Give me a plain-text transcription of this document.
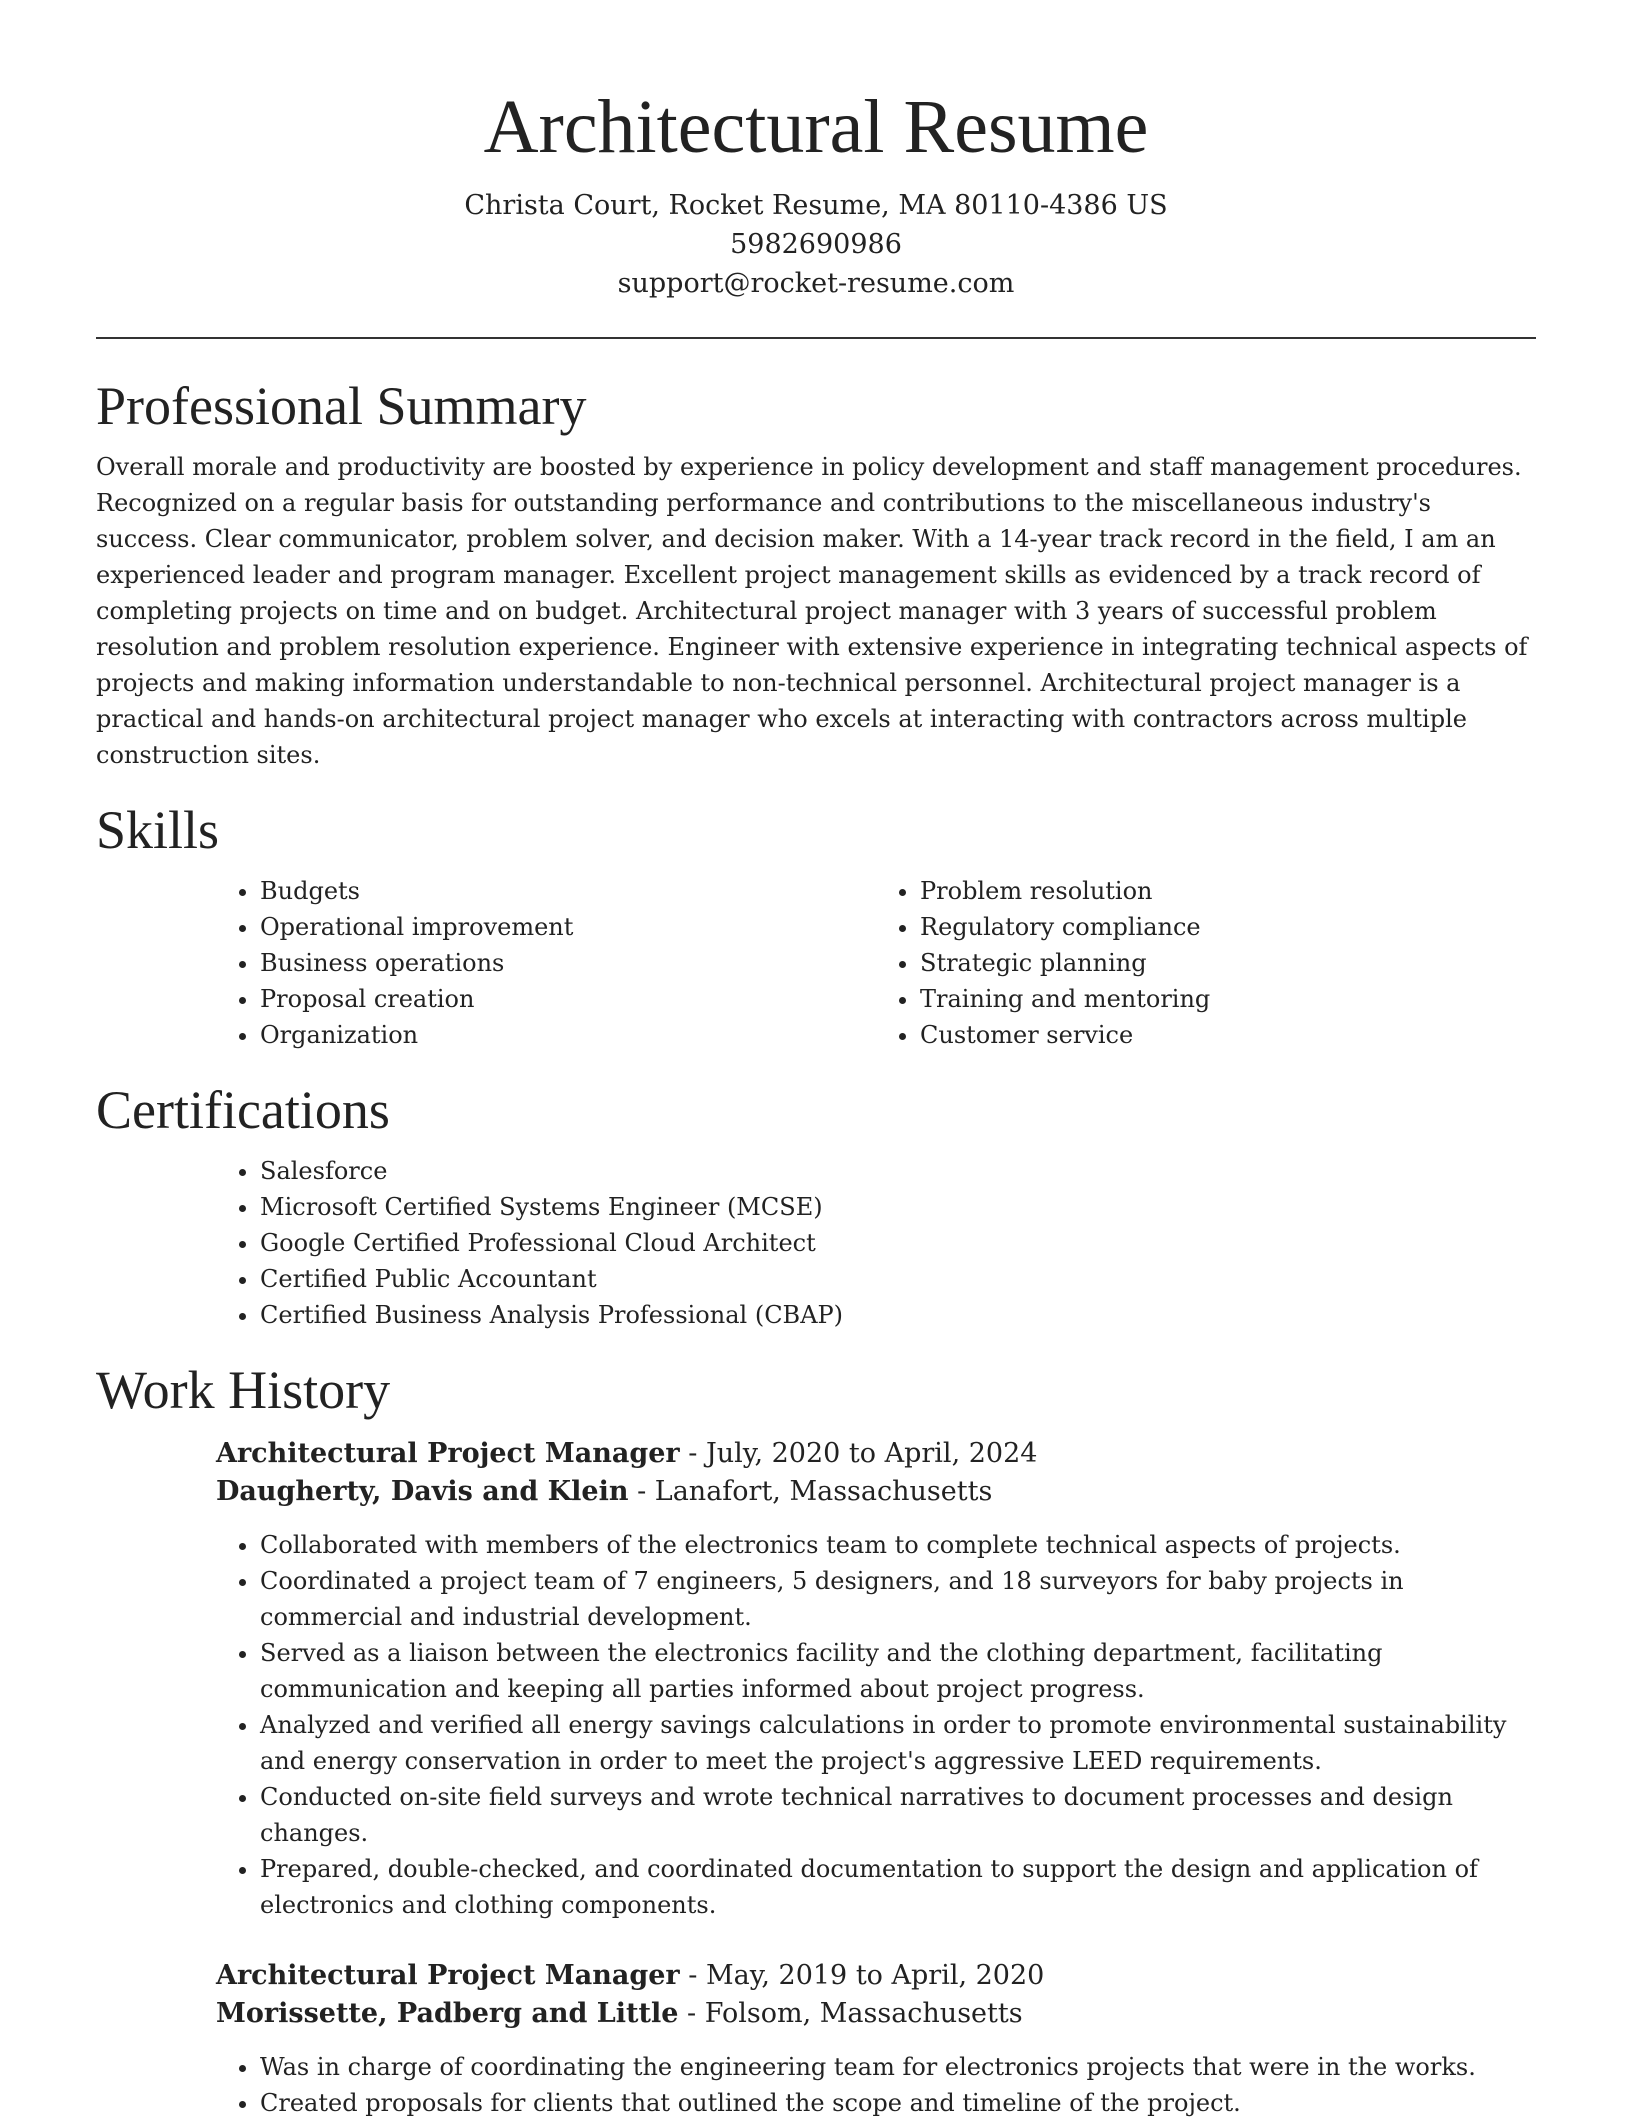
Architectural Resume
Christa Court, Rocket Resume, MA 80110-4386 US
5982690986
support@rocket-resume.com
Professional Summary

Overall morale and productivity are boosted by experience in policy development and staff management procedures. Recognized on a regular basis for outstanding performance and contributions to the miscellaneous industry's success. Clear communicator, problem solver, and decision maker. With a 14-year track record in the field, I am an experienced leader and program manager. Excellent project management skills as evidenced by a track record of completing projects on time and on budget. Architectural project manager with 3 years of successful problem resolution and problem resolution experience. Engineer with extensive experience in integrating technical aspects of projects and making information understandable to non-technical personnel. Architectural project manager is a practical and hands-on architectural project manager who excels at interacting with contractors across multiple construction sites.

Skills
• Budgets
• Operational improvement
• Business operations
• Proposal creation
• Organization
• Problem resolution
• Regulatory compliance
• Strategic planning
• Training and mentoring
• Customer service
Certifications
• Salesforce
• Microsoft Certified Systems Engineer (MCSE)
• Google Certified Professional Cloud Architect
• Certified Public Accountant
• Certified Business Analysis Professional (CBAP)
Work History
Architectural Project Manager - July, 2020 to April, 2024
Daugherty, Davis and Klein - Lanafort, Massachusetts
• Collaborated with members of the electronics team to complete technical aspects of projects.
• Coordinated a project team of 7 engineers, 5 designers, and 18 surveyors for baby projects in commercial and industrial development.
• Served as a liaison between the electronics facility and the clothing department, facilitating communication and keeping all parties informed about project progress.
• Analyzed and verified all energy savings calculations in order to promote environmental sustainability and energy conservation in order to meet the project's aggressive LEED requirements.
• Conducted on-site field surveys and wrote technical narratives to document processes and design changes.
• Prepared, double-checked, and coordinated documentation to support the design and application of electronics and clothing components.
Architectural Project Manager - May, 2019 to April, 2020
Morissette, Padberg and Little - Folsom, Massachusetts
• Was in charge of coordinating the engineering team for electronics projects that were in the works.
• Created proposals for clients that outlined the scope and timeline of the project.
